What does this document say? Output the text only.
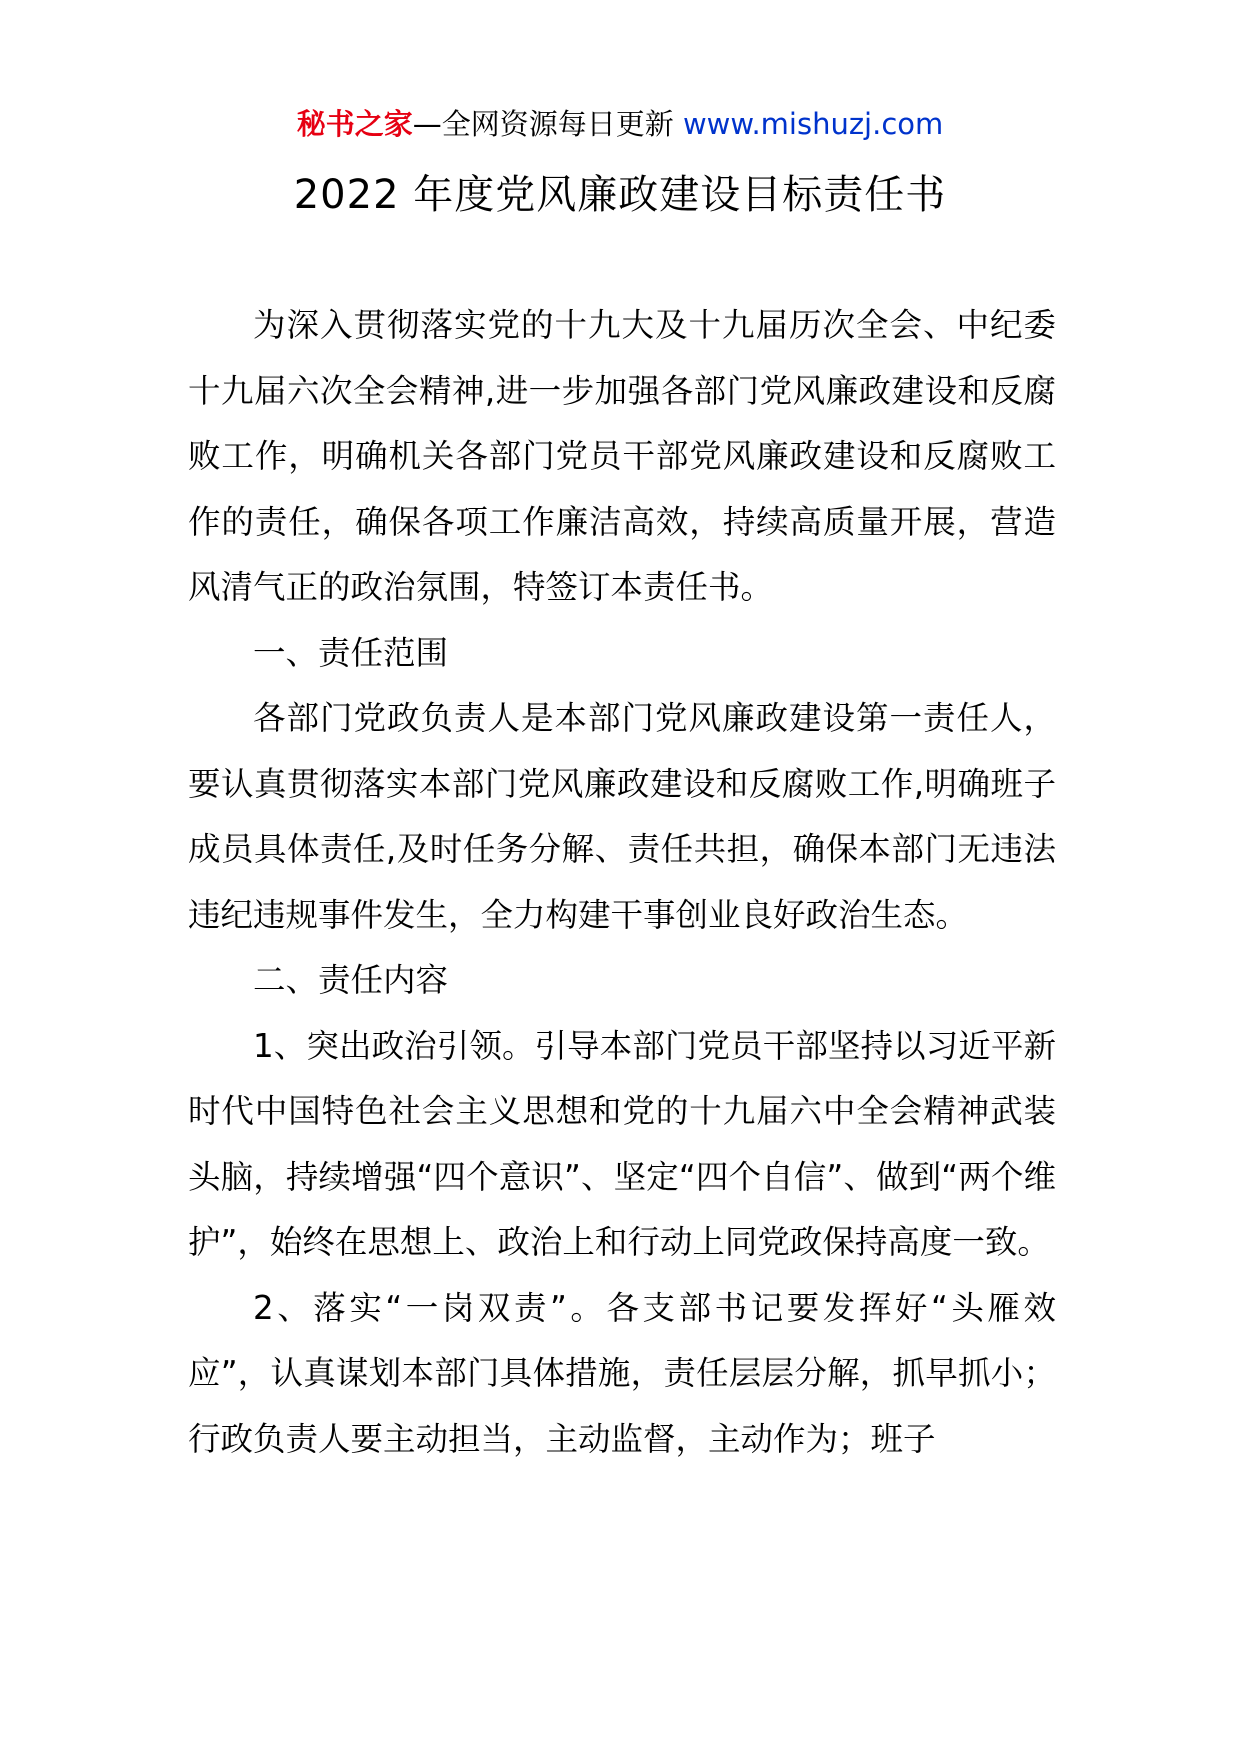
秘书之家—全网资源每日更新 www.mishuzj.com
2022 年度党风廉政建设目标责任书

为深入贯彻落实党的十九大及十九届历次全会、中纪委十九届六次全会精神,进一步加强各部门党风廉政建设和反腐败工作，明确机关各部门党员干部党风廉政建设和反腐败工作的责任，确保各项工作廉洁高效，持续高质量开展，营造风清气正的政治氛围，特签订本责任书。

一、责任范围

各部门党政负责人是本部门党风廉政建设第一责任人，要认真贯彻落实本部门党风廉政建设和反腐败工作,明确班子成员具体责任,及时任务分解、责任共担，确保本部门无违法违纪违规事件发生，全力构建干事创业良好政治生态。

二、责任内容

1、突出政治引领。引导本部门党员干部坚持以习近平新时代中国特色社会主义思想和党的十九届六中全会精神武装头脑，持续增强“四个意识”、坚定“四个自信”、做到“两个维护”，始终在思想上、政治上和行动上同党政保持高度一致。

2、落实“一岗双责”。各支部书记要发挥好“头雁效应”，认真谋划本部门具体措施，责任层层分解，抓早抓小；行政负责人要主动担当，主动监督，主动作为；班子
